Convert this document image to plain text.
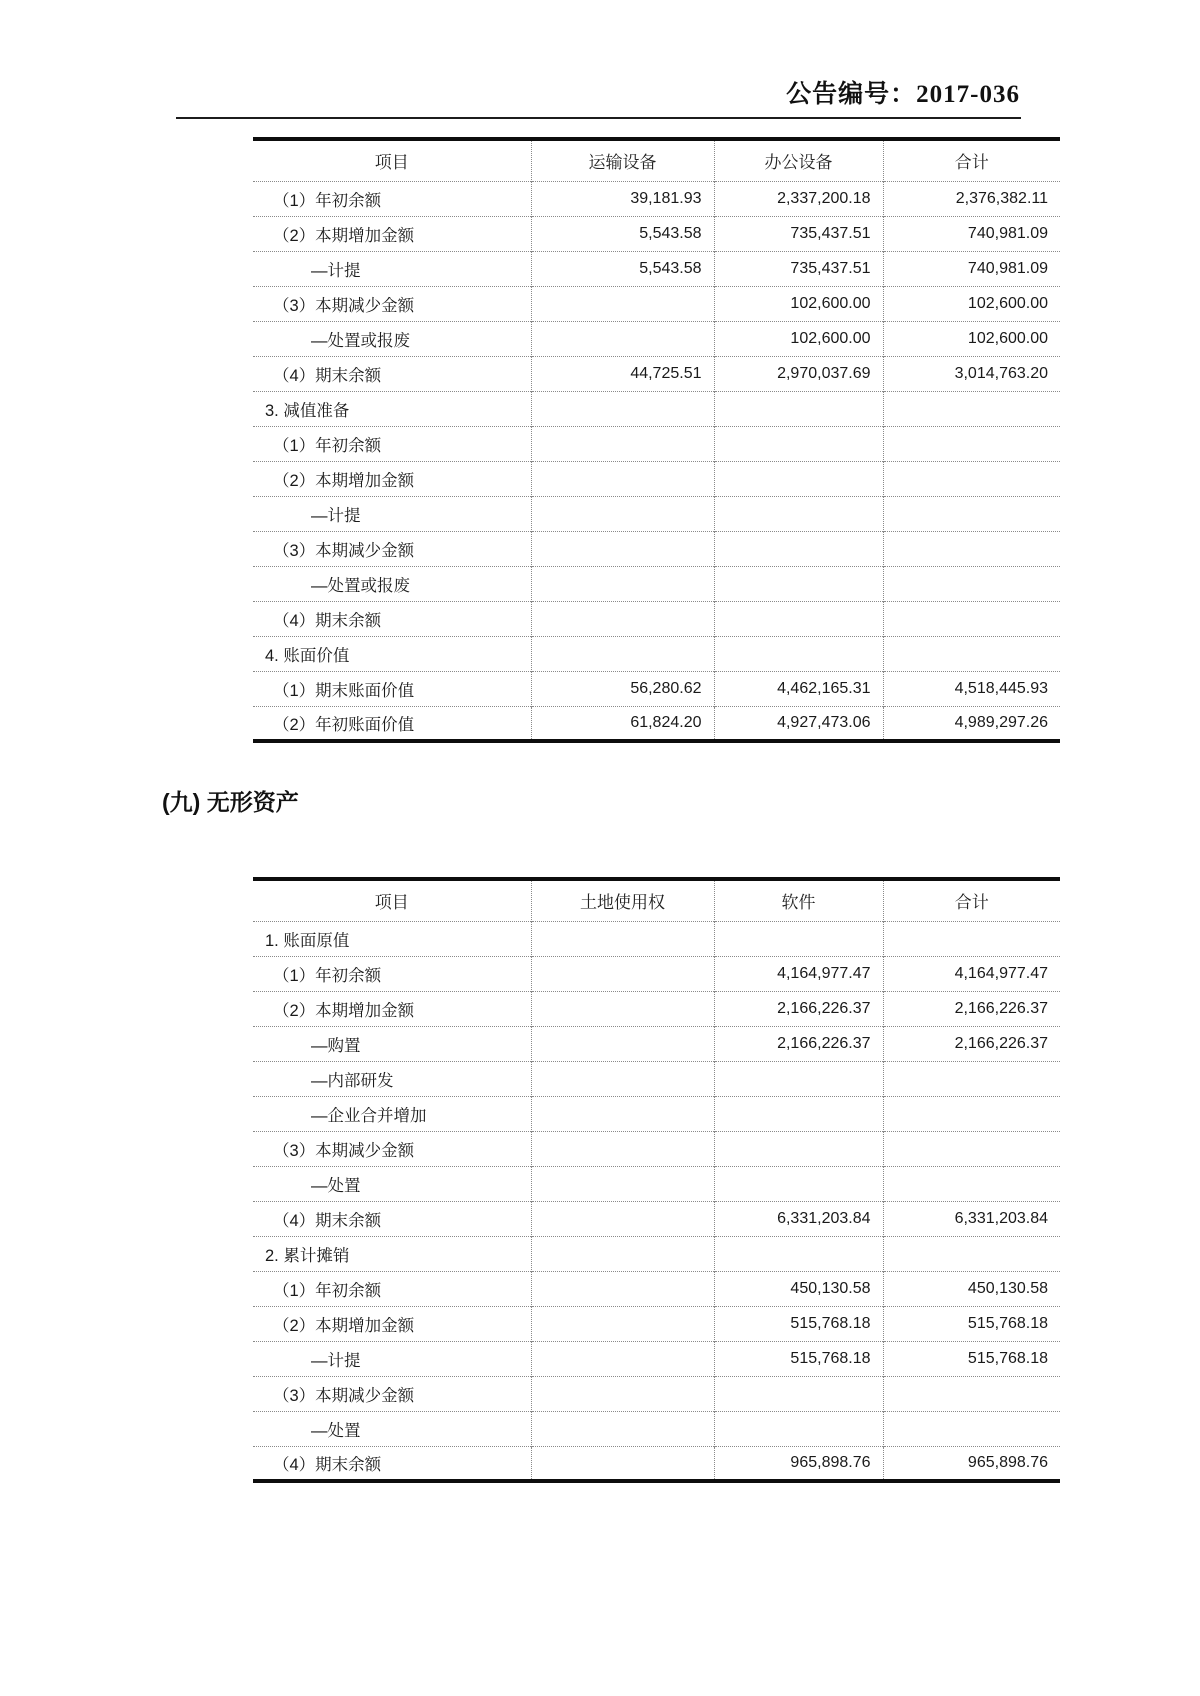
公告编号：2017-036
项目	运输设备	办公设备	合计
（1）年初余额	39,181.93	2,337,200.18	2,376,382.11
（2）本期增加金额	5,543.58	735,437.51	740,981.09
—计提	5,543.58	735,437.51	740,981.09
（3）本期减少金额		102,600.00	102,600.00
—处置或报废		102,600.00	102,600.00
（4）期末余额	44,725.51	2,970,037.69	3,014,763.20
3. 减值准备			
（1）年初余额			
（2）本期增加金额			
—计提			
（3）本期减少金额			
—处置或报废			
（4）期末余额			
4. 账面价值			
（1）期末账面价值	56,280.62	4,462,165.31	4,518,445.93
（2）年初账面价值	61,824.20	4,927,473.06	4,989,297.26
(九) 无形资产
项目	土地使用权	软件	合计
1. 账面原值			
（1）年初余额		4,164,977.47	4,164,977.47
（2）本期增加金额		2,166,226.37	2,166,226.37
—购置		2,166,226.37	2,166,226.37
—内部研发			
—企业合并增加			
（3）本期减少金额			
—处置			
（4）期末余额		6,331,203.84	6,331,203.84
2. 累计摊销			
（1）年初余额		450,130.58	450,130.58
（2）本期增加金额		515,768.18	515,768.18
—计提		515,768.18	515,768.18
（3）本期减少金额			
—处置			
（4）期末余额		965,898.76	965,898.76
